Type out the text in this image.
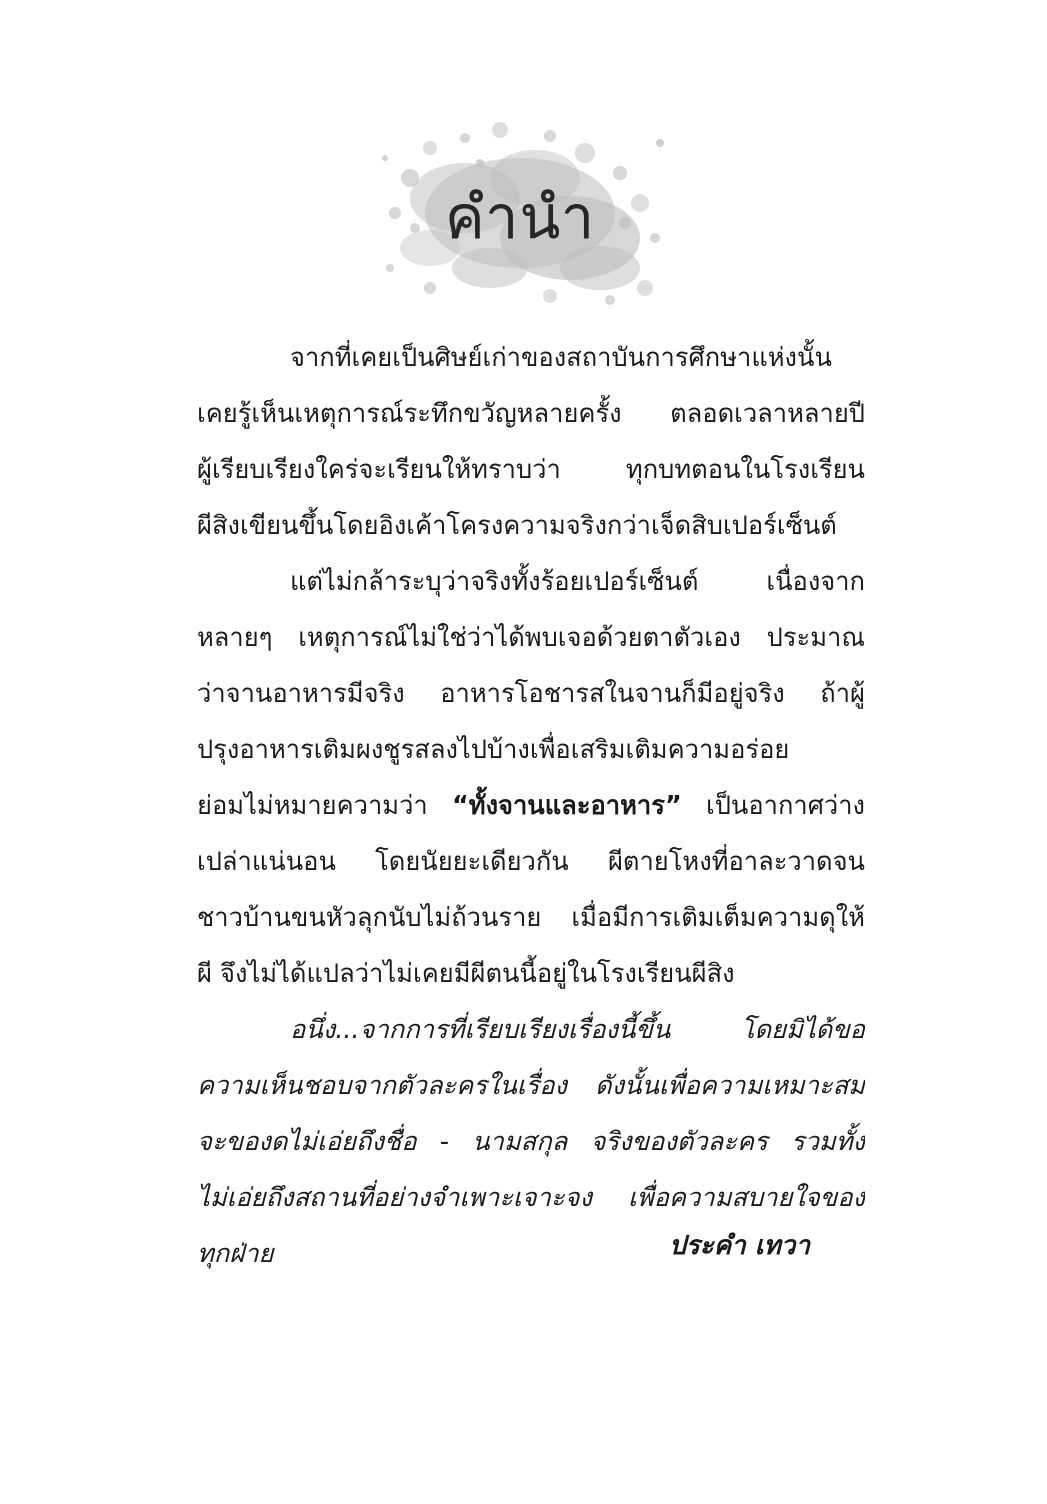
คำนำ
จากที่เคยเป็นศิษย์เก่าของสถาบันการศึกษาแห่งนั้น
เคยรู้เห็นเหตุการณ์ระทึกขวัญหลายครั้ง ตลอดเวลาหลายปี
ผู้เรียบเรียงใคร่จะเรียนให้ทราบว่า ทุกบทตอนในโรงเรียน
ผีสิงเขียนขึ้นโดยอิงเค้าโครงความจริงกว่าเจ็ดสิบเปอร์เซ็นต์
แต่ไม่กล้าระบุว่าจริงทั้งร้อยเปอร์เซ็นต์ เนื่องจาก
หลายๆ เหตุการณ์ไม่ใช่ว่าได้พบเจอด้วยตาตัวเอง ประมาณ
ว่าจานอาหารมีจริง อาหารโอชารสในจานก็มีอยู่จริง ถ้าผู้
ปรุงอาหารเติมผงชูรสลงไปบ้างเพื่อเสริมเติมความอร่อย
ย่อมไม่หมายความว่า “ทั้งจานและอาหาร” เป็นอากาศว่าง
เปล่าแน่นอน โดยนัยยะเดียวกัน ผีตายโหงที่อาละวาดจน
ชาวบ้านขนหัวลุกนับไม่ถ้วนราย เมื่อมีการเติมเต็มความดุให้
ผี จึงไม่ได้แปลว่าไม่เคยมีผีตนนี้อยู่ในโรงเรียนผีสิง
อนึ่ง...จากการที่เรียบเรียงเรื่องนี้ขึ้น โดยมิได้ขอ
ความเห็นชอบจากตัวละครในเรื่อง ดังนั้นเพื่อความเหมาะสม
จะของดไม่เอ่ยถึงชื่อ - นามสกุล จริงของตัวละคร รวมทั้ง
ไม่เอ่ยถึงสถานที่อย่างจำเพาะเจาะจง เพื่อความสบายใจของ
ทุกฝ่าย	ประคำ เทวา
